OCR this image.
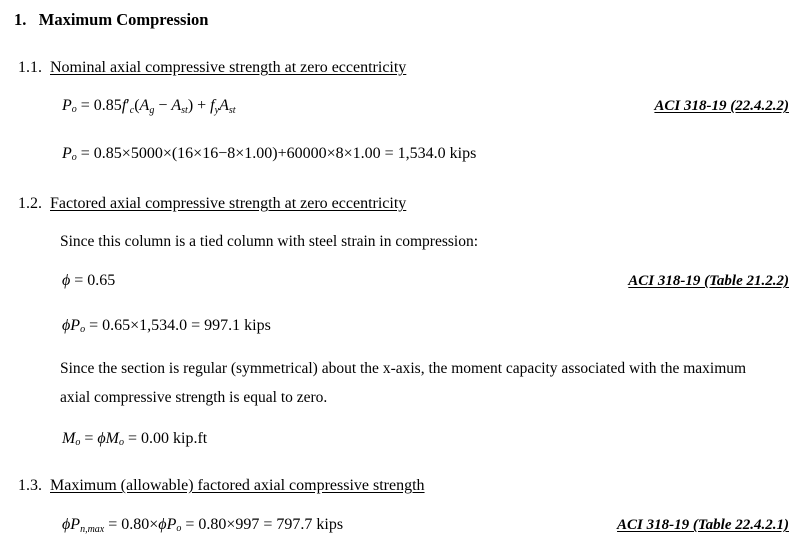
1. Maximum Compression
1.1. Nominal axial compressive strength at zero eccentricity
$P_o = 0.85f'_c(A_g - A_{st}) + f_yA_{st}$	ACI 318-19 (22.4.2.2)
$P_o = 0.85\times 5000\times(16\times 16-8\times 1.00)+60000\times 8\times 1.00 = 1,534.0$ kips
1.2. Factored axial compressive strength at zero eccentricity
Since this column is a tied column with steel strain in compression:
ϕ = 0.65	ACI 318-19 (Table 21.2.2)
$\phi P_o = 0.65\times 1,534.0 = 997.1$ kips
Since the section is regular (symmetrical) about the x-axis, the moment capacity associated with the maximum
axial compressive strength is equal to zero.
$M_o = \phi M_o = 0.00$ kip.ft
1.3. Maximum (allowable) factored axial compressive strength
$\phi P_{n,max} = 0.80\times\phi P_o = 0.80\times 997 = 797.7$ kips	ACI 318-19 (Table 22.4.2.1)
